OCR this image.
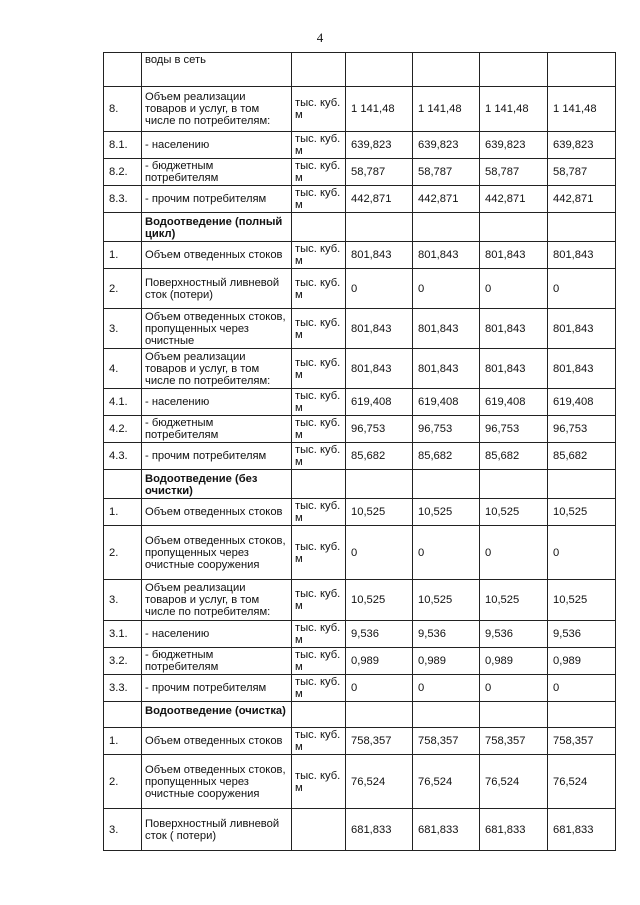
4
	воды в сеть					
8.	Объем реализации товаров и услуг, в том числе по потребителям:	тыс. куб. м	1 141,48	1 141,48	1 141,48	1 141,48
8.1.	- населению	тыс. куб. м	639,823	639,823	639,823	639,823
8.2.	- бюджетным потребителям	тыс. куб. м	58,787	58,787	58,787	58,787
8.3.	- прочим потребителям	тыс. куб. м	442,871	442,871	442,871	442,871
	Водоотведение (полный цикл)					
1.	Объем отведенных стоков	тыс. куб. м	801,843	801,843	801,843	801,843
2.	Поверхностный ливневой сток (потери)	тыс. куб. м	0	0	0	0
3.	Объем отведенных стоков, пропущенных через очистные	тыс. куб. м	801,843	801,843	801,843	801,843
4.	Объем реализации товаров и услуг, в том числе по потребителям:	тыс. куб. м	801,843	801,843	801,843	801,843
4.1.	- населению	тыс. куб. м	619,408	619,408	619,408	619,408
4.2.	- бюджетным потребителям	тыс. куб. м	96,753	96,753	96,753	96,753
4.3.	- прочим потребителям	тыс. куб. м	85,682	85,682	85,682	85,682
	Водоотведение (без очистки)					
1.	Объем отведенных стоков	тыс. куб. м	10,525	10,525	10,525	10,525
2.	Объем отведенных стоков, пропущенных через очистные сооружения	тыс. куб. м	0	0	0	0
3.	Объем реализации товаров и услуг, в том числе по потребителям:	тыс. куб. м	10,525	10,525	10,525	10,525
3.1.	- населению	тыс. куб. м	9,536	9,536	9,536	9,536
3.2.	- бюджетным потребителям	тыс. куб. м	0,989	0,989	0,989	0,989
3.3.	- прочим потребителям	тыс. куб. м	0	0	0	0
	Водоотведение (очистка)					
1.	Объем отведенных стоков	тыс. куб. м	758,357	758,357	758,357	758,357
2.	Объем отведенных стоков, пропущенных через очистные сооружения	тыс. куб. м	76,524	76,524	76,524	76,524
3.	Поверхностный ливневой сток ( потери)		681,833	681,833	681,833	681,833
